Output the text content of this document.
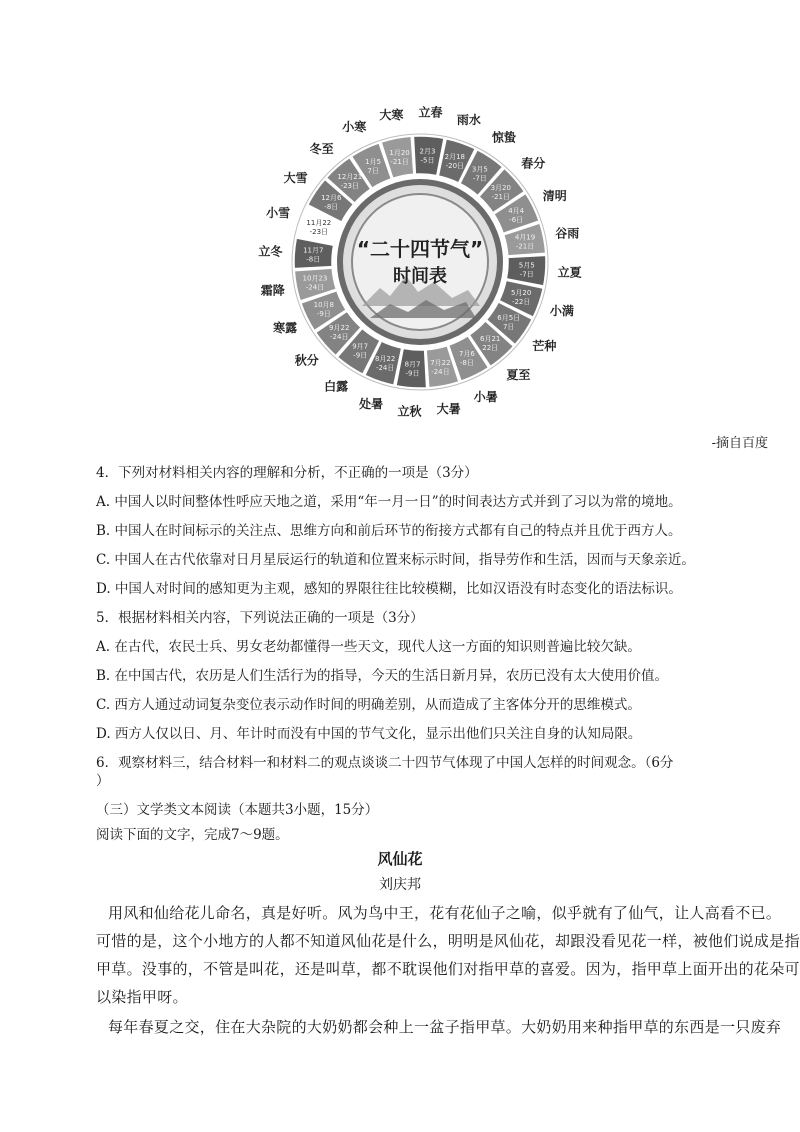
2月3
-5日 2月18
-20日 3月5
-7日
3月20
-21日
4月4
-6日
4月19
-21日
5月5
-7日
5月20
-22日
6月5日
7日
6月21
22日
7月6
-8日
7月22
-24日
8月7
-9日
8月22
-24日
9月7
-9日
9月22
-24日
10月8
-9日
10月23
-24日
11月7
-8日
11月22
-23日
12月6
-8日
12月21
-23日
1月5
7日
1月20
-21日
“二十四节气”
时间表
立春
雨水
惊蛰
春分
清明
谷雨
立夏
小满
芒种
夏至
小暑
大暑
立秋
处暑
白露
秋分
寒露
霜降
立冬
小雪
大雪
冬至
小寒
大寒
-摘自百度
4．下列对材料相关内容的理解和分析，不正确的一项是（3分）
A. 中国人以时间整体性呼应天地之道，采用“年一月一日”的时间表达方式并到了习以为常的境地。
B. 中国人在时间标示的关注点、思维方向和前后环节的衔接方式都有自己的特点并且优于西方人。
C. 中国人在古代依靠对日月星辰运行的轨道和位置来标示时间，指导劳作和生活，因而与天象亲近。
D. 中国人对时间的感知更为主观，感知的界限往往比较模糊，比如汉语没有时态变化的语法标识。
5．根据材料相关内容，下列说法正确的一项是（3分）
A. 在古代，农民士兵、男女老幼都懂得一些天文，现代人这一方面的知识则普遍比较欠缺。
B. 在中国古代，农历是人们生活行为的指导，今天的生活日新月异，农历已没有太大使用价值。
C. 西方人通过动词复杂变位表示动作时间的明确差别，从而造成了主客体分开的思维模式。
D. 西方人仅以日、月、年计时而没有中国的节气文化，显示出他们只关注自身的认知局限。
6．观察材料三，结合材料一和材料二的观点谈谈二十四节气体现了中国人怎样的时间观念。（6分
）
（三）文学类文本阅读（本题共3小题，15分）
阅读下面的文字，完成7～9题。
风仙花
刘庆邦
用风和仙给花儿命名，真是好听。风为鸟中王，花有花仙子之喻，似乎就有了仙气，让人高看不已。
可惜的是，这个小地方的人都不知道风仙花是什么，明明是风仙花，却跟没看见花一样，被他们说成是指
甲草。没事的，不管是叫花，还是叫草，都不耽误他们对指甲草的喜爱。因为，指甲草上面开出的花朵可
以染指甲呀。
每年春夏之交，住在大杂院的大奶奶都会种上一盆子指甲草。大奶奶用来种指甲草的东西是一只废弃
